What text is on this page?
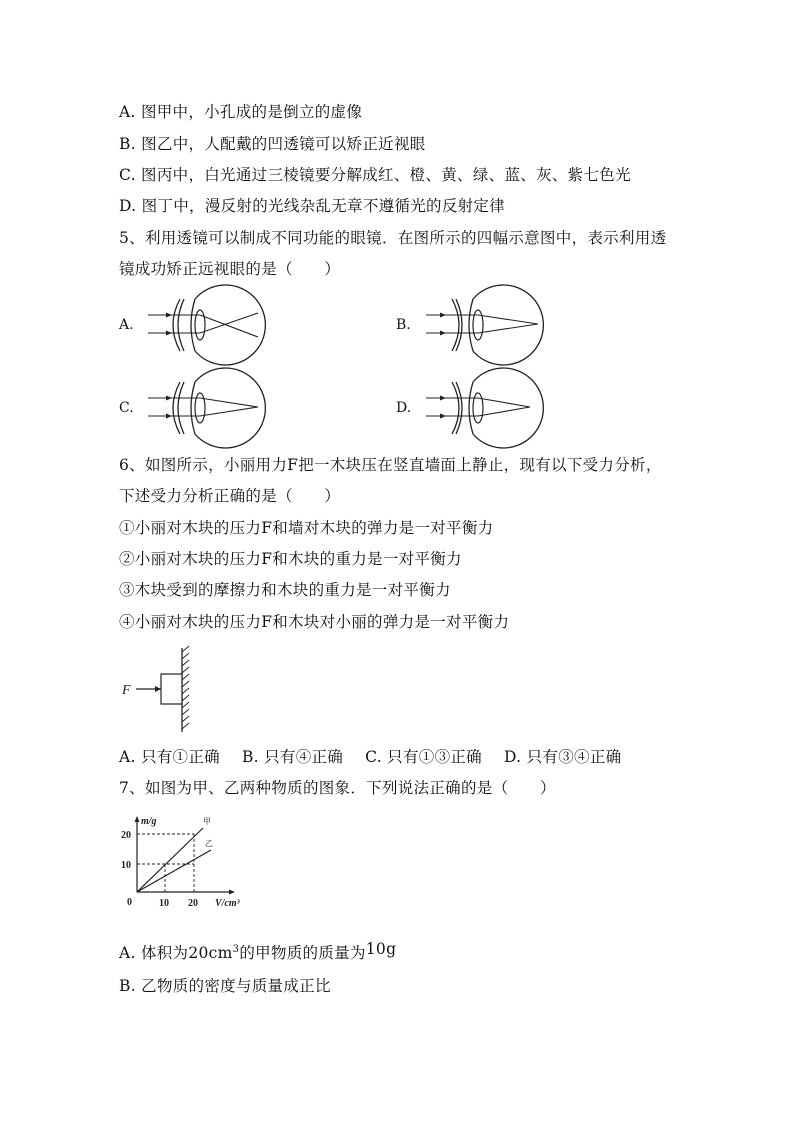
A. 图甲中，小孔成的是倒立的虚像
B. 图乙中，人配戴的凹透镜可以矫正近视眼
C. 图丙中，白光通过三棱镜要分解成红、橙、黄、绿、蓝、灰、紫七色光
D. 图丁中，漫反射的光线杂乱无章不遵循光的反射定律
5、利用透镜可以制成不同功能的眼镜．在图所示的四幅示意图中，表示利用透
镜成功矫正远视眼的是（　　）
A.	B.
C.	D.
6、如图所示，小丽用力F把一木块压在竖直墙面上静止，现有以下受力分析，
下述受力分析正确的是（　　）
①小丽对木块的压力F和墙对木块的弹力是一对平衡力
②小丽对木块的压力F和木块的重力是一对平衡力
③木块受到的摩擦力和木块的重力是一对平衡力
④小丽对木块的压力F和木块对小丽的弹力是一对平衡力
F
A. 只有①正确 B. 只有④正确 C. 只有①③正确 D. 只有③④正确
7、如图为甲、乙两种物质的图象．下列说法正确的是（　　）
m/g
V/cm³
0	10 20
10
20
甲
乙
A. 体积为$20cm^3$的甲物质的质量为10g
B. 乙物质的密度与质量成正比
